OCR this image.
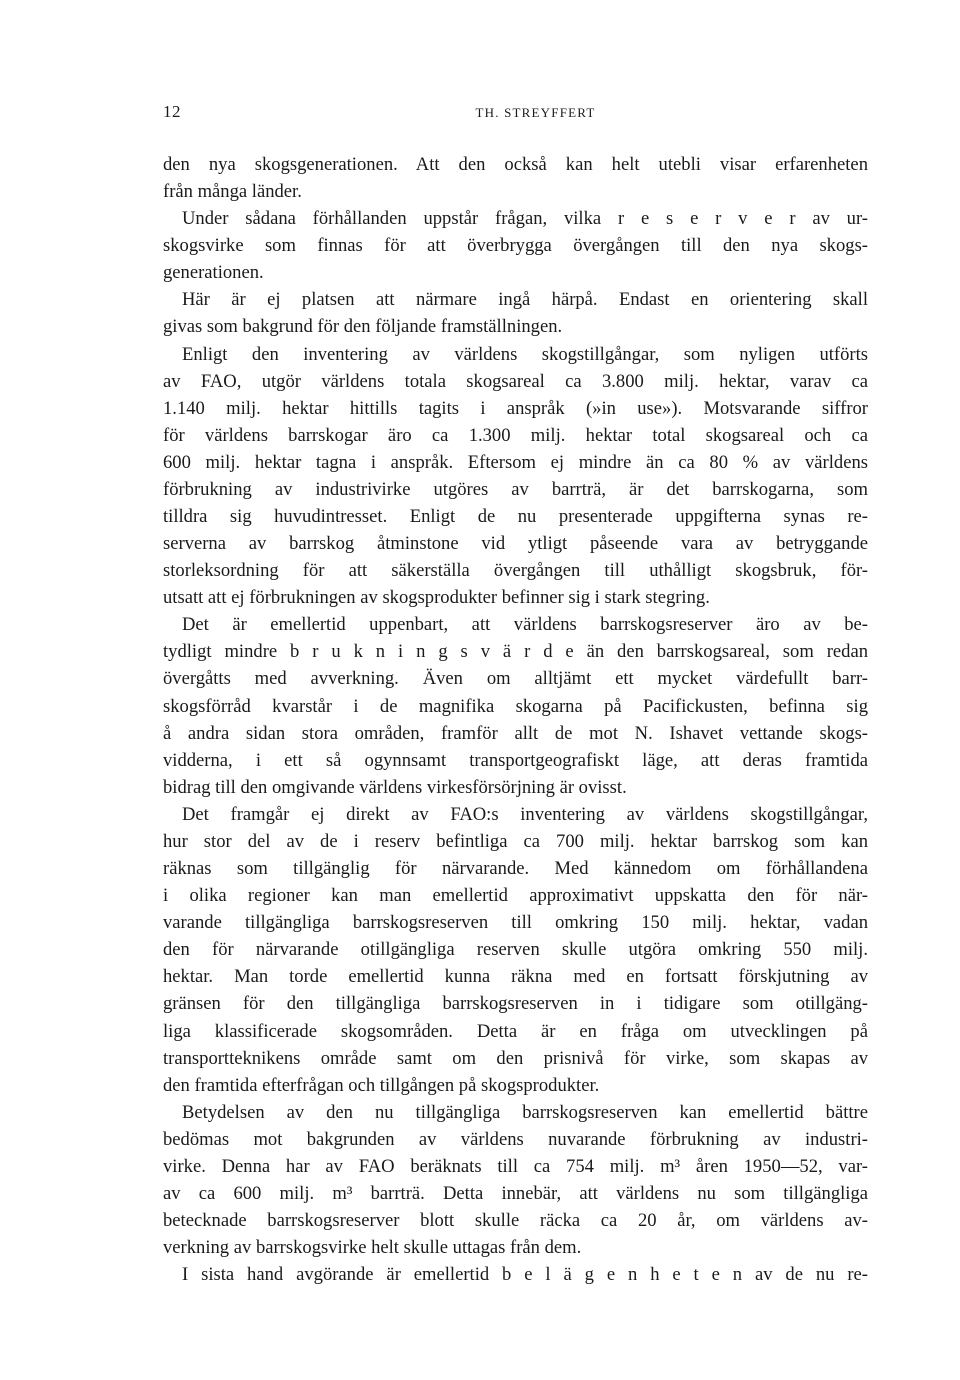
12	TH. STREYFFERT
den nya skogsgenerationen. Att den också kan helt utebli visar erfarenheten
från många länder.
Under sådana förhållanden uppstår frågan, vilka r e s e r v e r av ur-
skogsvirke som finnas för att överbrygga övergången till den nya skogs-
generationen.
Här är ej platsen att närmare ingå härpå. Endast en orientering skall
givas som bakgrund för den följande framställningen.
Enligt den inventering av världens skogstillgångar, som nyligen utförts
av FAO, utgör världens totala skogsareal ca 3.800 milj. hektar, varav ca
1.140 milj. hektar hittills tagits i anspråk (»in use»). Motsvarande siffror
för världens barrskogar äro ca 1.300 milj. hektar total skogsareal och ca
600 milj. hektar tagna i anspråk. Eftersom ej mindre än ca 80 % av världens
förbrukning av industrivirke utgöres av barrträ, är det barrskogarna, som
tilldra sig huvudintresset. Enligt de nu presenterade uppgifterna synas re-
serverna av barrskog åtminstone vid ytligt påseende vara av betryggande
storleksordning för att säkerställa övergången till uthålligt skogsbruk, för-
utsatt att ej förbrukningen av skogsprodukter befinner sig i stark stegring.
Det är emellertid uppenbart, att världens barrskogsreserver äro av be-
tydligt mindre b r u k n i n g s v ä r d e än den barrskogsareal, som redan
övergåtts med avverkning. Även om alltjämt ett mycket värdefullt barr-
skogsförråd kvarstår i de magnifika skogarna på Pacifickusten, befinna sig
å andra sidan stora områden, framför allt de mot N. Ishavet vettande skogs-
vidderna, i ett så ogynnsamt transportgeografiskt läge, att deras framtida
bidrag till den omgivande världens virkesförsörjning är ovisst.
Det framgår ej direkt av FAO:s inventering av världens skogstillgångar,
hur stor del av de i reserv befintliga ca 700 milj. hektar barrskog som kan
räknas som tillgänglig för närvarande. Med kännedom om förhållandena
i olika regioner kan man emellertid approximativt uppskatta den för när-
varande tillgängliga barrskogsreserven till omkring 150 milj. hektar, vadan
den för närvarande otillgängliga reserven skulle utgöra omkring 550 milj.
hektar. Man torde emellertid kunna räkna med en fortsatt förskjutning av
gränsen för den tillgängliga barrskogsreserven in i tidigare som otillgäng-
liga klassificerade skogsområden. Detta är en fråga om utvecklingen på
transportteknikens område samt om den prisnivå för virke, som skapas av
den framtida efterfrågan och tillgången på skogsprodukter.
Betydelsen av den nu tillgängliga barrskogsreserven kan emellertid bättre
bedömas mot bakgrunden av världens nuvarande förbrukning av industri-
virke. Denna har av FAO beräknats till ca 754 milj. m³ åren 1950—52, var-
av ca 600 milj. m³ barrträ. Detta innebär, att världens nu som tillgängliga
betecknade barrskogsreserver blott skulle räcka ca 20 år, om världens av-
verkning av barrskogsvirke helt skulle uttagas från dem.
I sista hand avgörande är emellertid b e l ä g e n h e t e n av de nu re-
